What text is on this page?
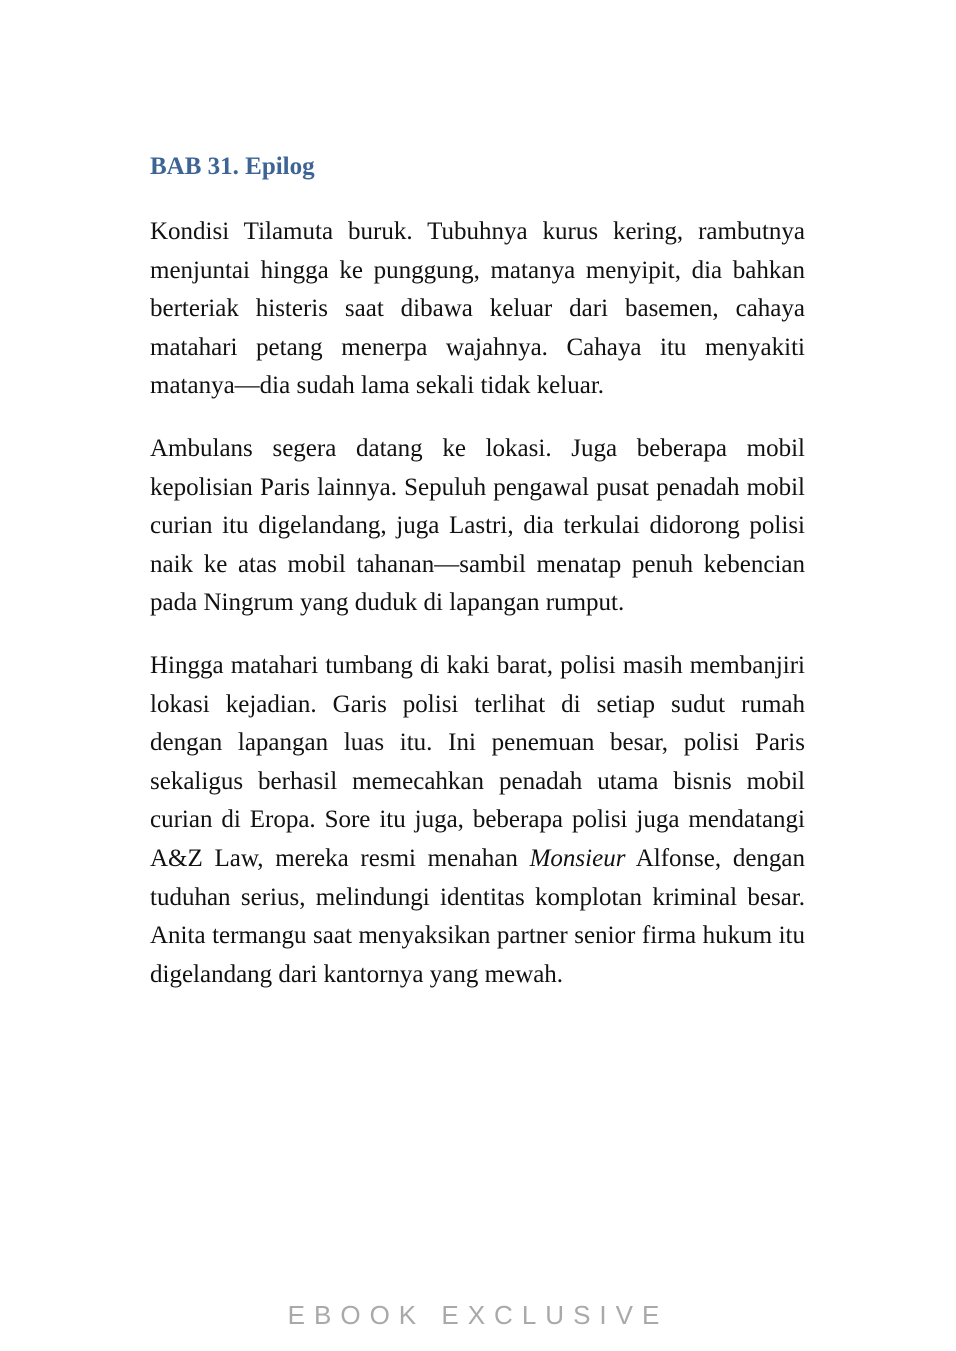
BAB 31. Epilog

Kondisi Tilamuta buruk. Tubuhnya kurus kering, rambutnya menjuntai hingga ke punggung, matanya menyipit, dia bahkan berteriak histeris saat dibawa keluar dari basemen, cahaya matahari petang menerpa wajahnya. Cahaya itu menyakiti matanya—dia sudah lama sekali tidak keluar.

Ambulans segera datang ke lokasi. Juga beberapa mobil kepolisian Paris lainnya. Sepuluh pengawal pusat penadah mobil curian itu digelandang, juga Lastri, dia terkulai didorong polisi naik ke atas mobil tahanan—sambil menatap penuh kebencian pada Ningrum yang duduk di lapangan rumput.

Hingga matahari tumbang di kaki barat, polisi masih membanjiri lokasi kejadian. Garis polisi terlihat di setiap sudut rumah dengan lapangan luas itu. Ini penemuan besar, polisi Paris sekaligus berhasil memecahkan penadah utama bisnis mobil curian di Eropa. Sore itu juga, beberapa polisi juga mendatangi A&Z Law, mereka resmi menahan Monsieur Alfonse, dengan tuduhan serius, melindungi identitas komplotan kriminal besar. Anita termangu saat menyaksikan partner senior firma hukum itu digelandang dari kantornya yang mewah.

EBOOK EXCLUSIVE
